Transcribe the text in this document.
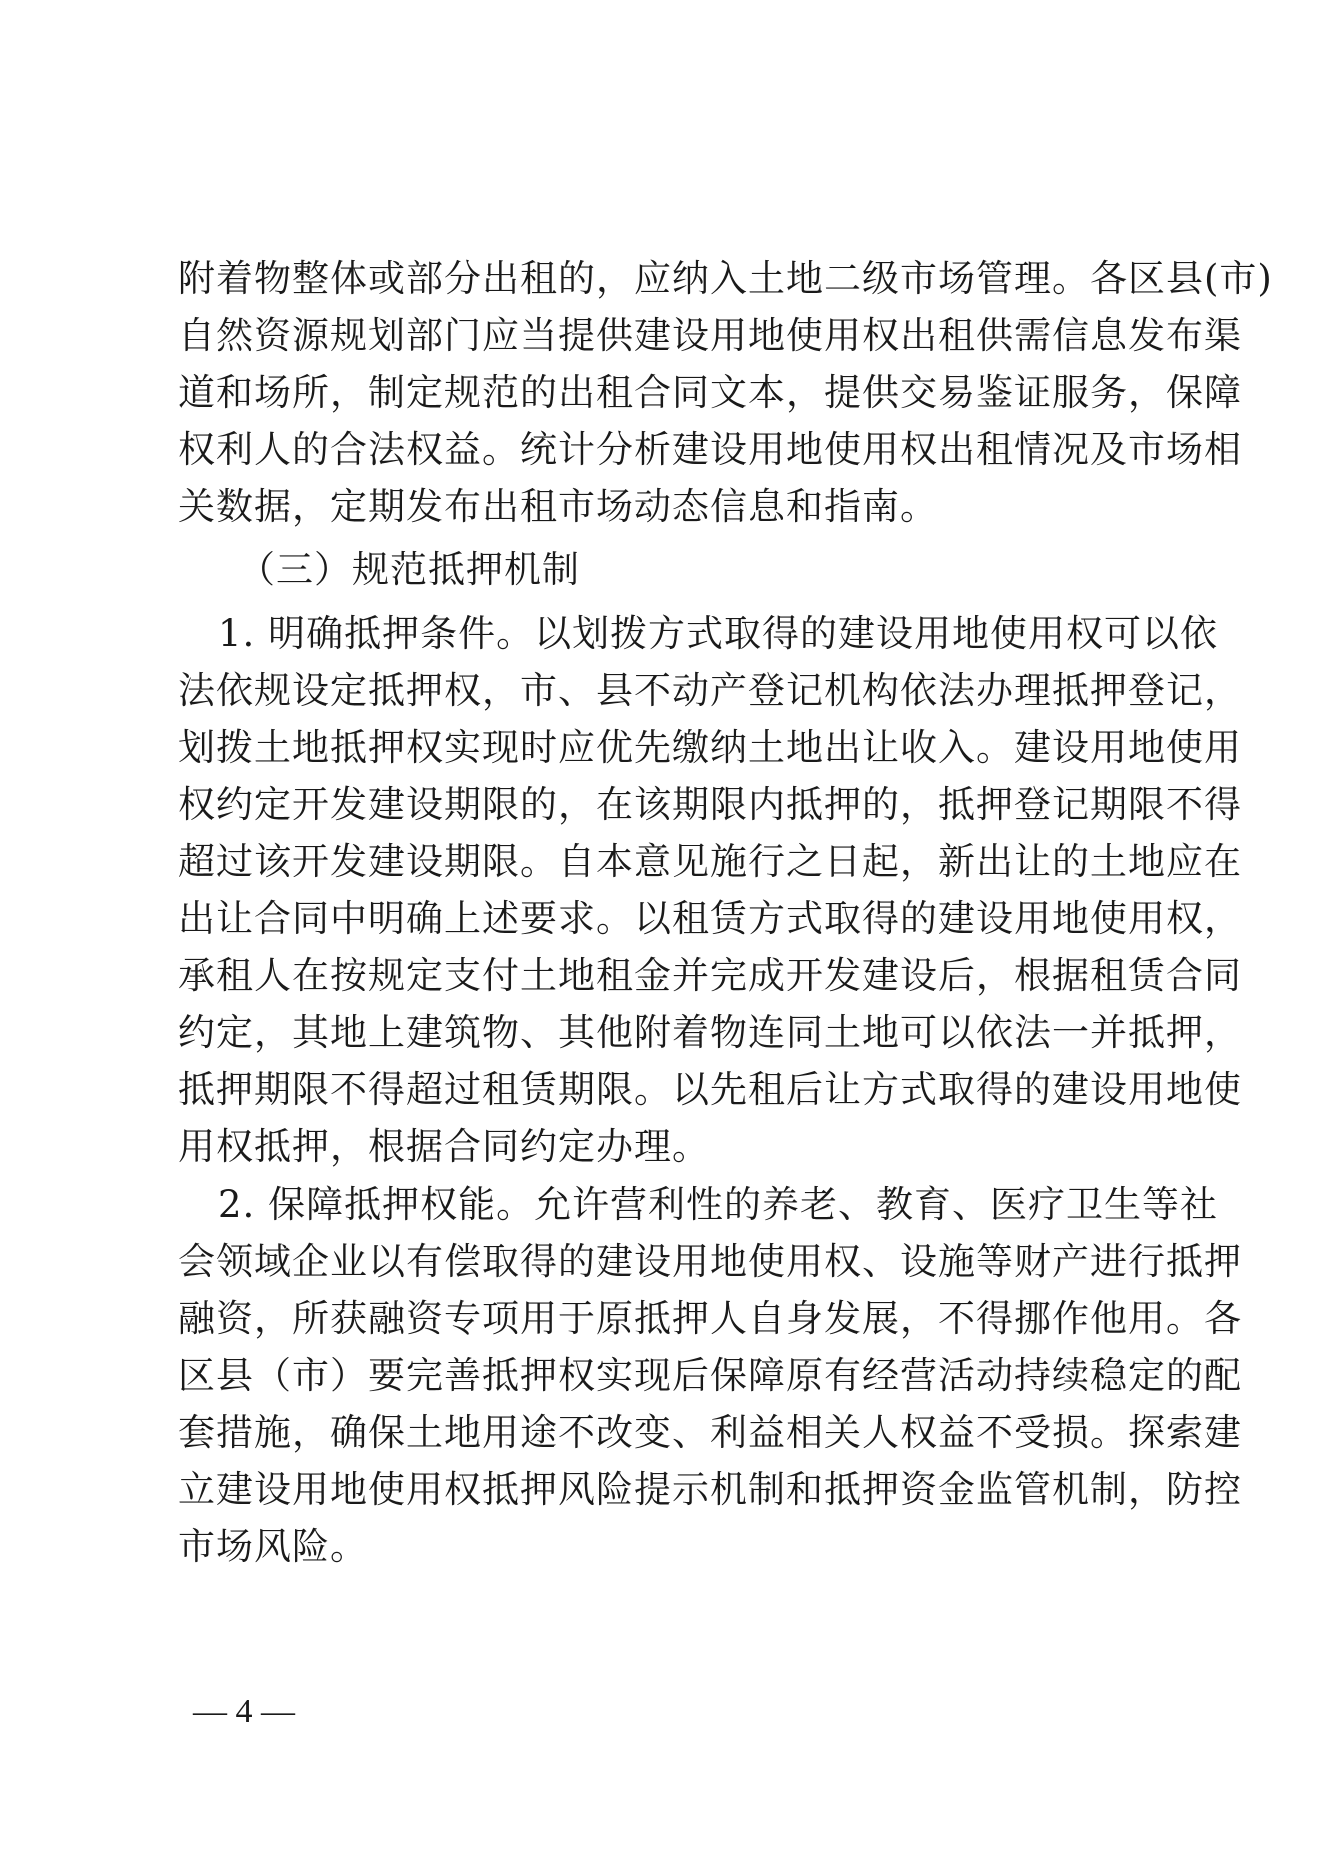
附着物整体或部分出租的，应纳入土地二级市场管理。各区县(市)
自然资源规划部门应当提供建设用地使用权出租供需信息发布渠
道和场所，制定规范的出租合同文本，提供交易鉴证服务，保障
权利人的合法权益。统计分析建设用地使用权出租情况及市场相
关数据，定期发布出租市场动态信息和指南。
（三）规范抵押机制
1. 明确抵押条件。以划拨方式取得的建设用地使用权可以依
法依规设定抵押权，市、县不动产登记机构依法办理抵押登记，
划拨土地抵押权实现时应优先缴纳土地出让收入。建设用地使用
权约定开发建设期限的，在该期限内抵押的，抵押登记期限不得
超过该开发建设期限。自本意见施行之日起，新出让的土地应在
出让合同中明确上述要求。以租赁方式取得的建设用地使用权，
承租人在按规定支付土地租金并完成开发建设后，根据租赁合同
约定，其地上建筑物、其他附着物连同土地可以依法一并抵押，
抵押期限不得超过租赁期限。以先租后让方式取得的建设用地使
用权抵押，根据合同约定办理。
2. 保障抵押权能。允许营利性的养老、教育、医疗卫生等社
会领域企业以有偿取得的建设用地使用权、设施等财产进行抵押
融资，所获融资专项用于原抵押人自身发展，不得挪作他用。各
区县（市）要完善抵押权实现后保障原有经营活动持续稳定的配
套措施，确保土地用途不改变、利益相关人权益不受损。探索建
立建设用地使用权抵押风险提示机制和抵押资金监管机制，防控
市场风险。
— 4 —
